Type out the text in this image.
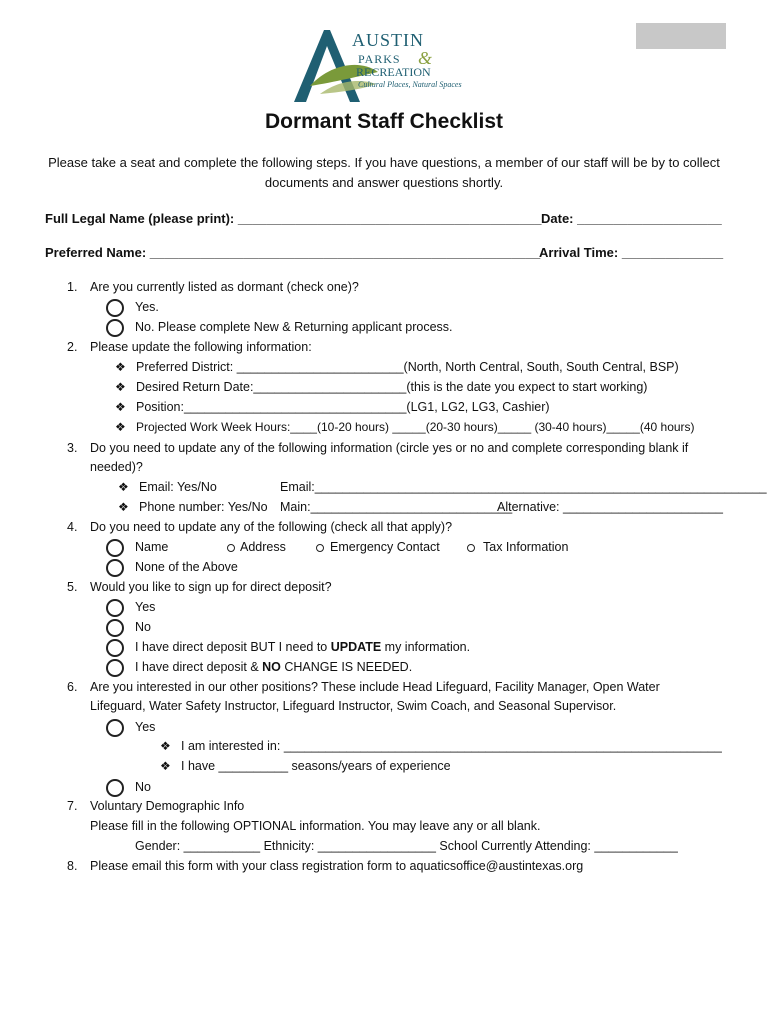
AUSTIN
PARKS &
RECREATION
Cultural Places, Natural Spaces
Dormant Staff Checklist
Please take a seat and complete the following steps. If you have questions, a member of our staff will be by to collect
documents and answer questions shortly.
Full Legal Name (please print): __________________________________________ Date: ____________________
Preferred Name: ______________________________________________________
Arrival Time: ______________
1. Are you currently listed as dormant (check one)?
Yes.
No. Please complete New & Returning applicant process.
2. Please update the following information:
❖ Preferred District: ________________________(North, North Central, South, South Central, BSP)
❖ Desired Return Date:______________________(this is the date you expect to start working)
❖ Position:________________________________(LG1, LG2, LG3, Cashier)
❖ Projected Work Week Hours:____(10-20 hours) _____(20-30 hours)_____ (30-40 hours)_____(40 hours)
3. Do you need to update any of the following information (circle yes or no and complete corresponding blank if
needed)?
❖ Email: Yes/No	Email:_________________________________________________________________
❖ Phone number: Yes/No Main:_____________________________
Alternative: _______________________
4. Do you need to update any of the following (check all that apply)?
Name	Address	Emergency Contact	Tax Information
None of the Above
5. Would you like to sign up for direct deposit?
Yes
No
I have direct deposit BUT I need to UPDATE my information.
I have direct deposit & NO CHANGE IS NEEDED.
6. Are you interested in our other positions? These include Head Lifeguard, Facility Manager, Open Water
Lifeguard, Water Safety Instructor, Lifeguard Instructor, Swim Coach, and Seasonal Supervisor.
Yes
❖ I am interested in: _______________________________________________________________
❖ I have __________ seasons/years of experience
No
7. Voluntary Demographic Info
Please fill in the following OPTIONAL information. You may leave any or all blank.
Gender: ___________ Ethnicity: _________________ School Currently Attending: ____________
8. Please email this form with your class registration form to aquaticsoffice@austintexas.org
